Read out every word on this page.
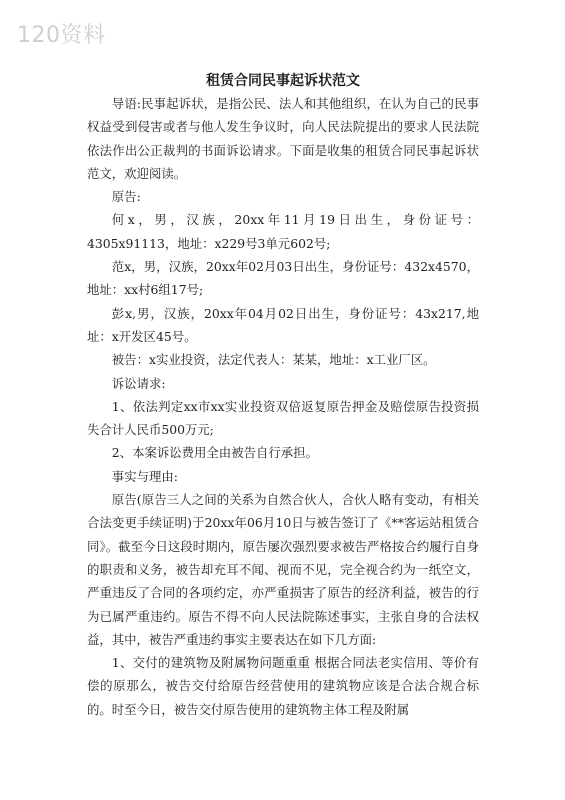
120资料
租赁合同民事起诉状范文

导语:民事起诉状，是指公民、法人和其他组织，在认为自己的民事权益受到侵害或者与他人发生争议时，向人民法院提出的要求人民法院依法作出公正裁判的书面诉讼请求。下面是收集的租赁合同民事起诉状范文，欢迎阅读。

原告:

何x，男，汉族，20xx年11月19日出生，身份证号：4305x91113，地址：x229号3单元602号;

范x，男，汉族，20xx年02月03日出生，身份证号：432x4570，地址：xx村6组17号;

彭x,男，汉族，20xx年04月02日出生，身份证号：43x217,地址：x开发区45号。

被告：x实业投资，法定代表人：某某，地址：x工业厂区。

诉讼请求:

1、依法判定xx市xx实业投资双倍返复原告押金及赔偿原告投资损失合计人民币500万元;

2、本案诉讼费用全由被告自行承担。

事实与理由:

原告(原告三人之间的关系为自然合伙人，合伙人略有变动，有相关合法变更手续证明)于20xx年06月10日与被告签订了《**客运站租赁合同》。截至今日这段时期内，原告屡次强烈要求被告严格按合约履行自身的职责和义务，被告却充耳不闻、视而不见，完全视合约为一纸空文，严重违反了合同的各项约定，亦严重损害了原告的经济利益，被告的行为已属严重违约。原告不得不向人民法院陈述事实，主张自身的合法权益，其中，被告严重违约事实主要表达在如下几方面:

1、交付的建筑物及附属物问题重重 根据合同法老实信用、等价有偿的原那么，被告交付给原告经营使用的建筑物应该是合法合规合标的。时至今日，被告交付原告使用的建筑物主体工程及附属
